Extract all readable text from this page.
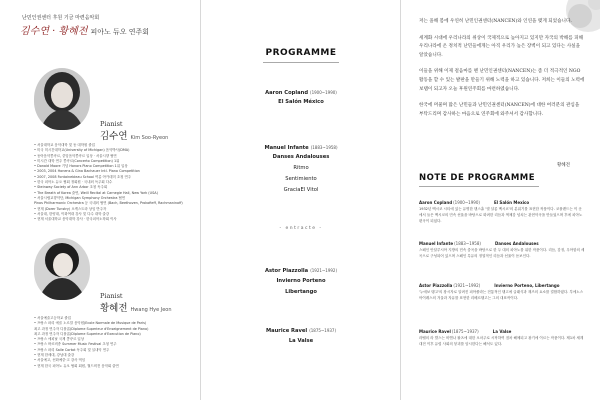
난민인권센터 후원 기금 마련음악회
김수연 · 황혜전 피아노 듀오 연주회
Pianist
김수연 Kim Soo-Ryeon
• 서울대학교 음악대학 및 동 대학원 졸업
• 미국 미시간대학교(University of Michigan) 음악박사(DMA)
• 동아음악콩쿠르, 중앙음악콩쿠르 입상 · 서울시향 협연
• 미시간 대학 연주 콩쿠르(Concerto Competition) 1위
• Donald Moore 기념 Honors Piano Competition 1위 입상
• 2003, 2004 Honens & Gina Bachauer Intl. Piano Competition
• 2007, 2008 Fontainebleau School 여름 아카데미 초청 연주
• 한국 피아노 듀오 협회 정회원 · 국내외 독주회 다수
• Steinway Society of Ann Arbor 초청 독주회
• The Breath of Korea 출연, Weill Recital at Carnegie Hall, New York (USA)
• 서울시립교향악단, Michigan Symphony Orchestra 협연
Pinos Philharmonic Orchestra 등 국내외 협연 (Bach, Beethoven, Prokofieff, Rachmaninoff)
• 현재 (Dorer Tunstry) 오케스트라 상임 반주자
• 서울대, 한양대, 이화여대 강사 및 다수 대학 출강
• 현재 서울대학교 음악대학 강사 · 한국피아노학회 이사
Pianist
황혜전 Hwang Hye Jeon
• 서울예술고등학교 졸업
• 프랑스 파리 에꼴 노르말 음악원(Ecole Normale de Musique de Paris)
최고 과정 연주자 디플롬(Diplome Superieur d'Enseignement de Piano)
최고 과정 연주자 디플롬(Diplome Superieur d'Execution de Piano)
• 프랑스 에피날 국제 콩쿠르 입상
• 프랑스 바르비종 Summer Music Festival 초청 연주
• 프랑스 파리 Salle Cortot 독주회 및 실내악 연주
• 현재 한세대, 강남대 출강
• 서울예고, 선화예중·고 강사 역임
• 현재 한국 피아노 듀오 협회 회원, 월드비전 음악회 출연
PROGRAMME
Aaron Copland (1900~1990)
El Salón México
Manuel Infante (1883~1958)
Danses Andalouses
Ritmo
Sentimiento
GraciaEl Vitol
- entracte -
Astor Piazzolla (1921~1992)
Invierno Porteno
Libertango
Maurice Ravel (1875~1937)
La Valse

저는 올해 봄에 우연히 난민인권센터(NANCEN)와 인연을 맺게 되었습니다.

세계화 시대에 우리나라의 위상이 국제적으로 높아지고 있지만 자국의 박해를 피해 우리나라에 온 정치적 난민들에게는 아직 우리가 높은 장벽이 되고 있다는 사실을 알았습니다.

이들을 위해 이제 걸음마를 뗀 난민인권센터(NANCEN)는 좀 더 적극적인 NGO 활동을 할 수 있는 발판을 만들기 위해 노력을 하고 있습니다. 저희는 이들의 노력에 보탬이 되고자 오늘 후원연주회를 마련하였습니다.

한국에 머물며 많은 난민들과 난민인권센터(NANCEN)에 대한 여러분의 관심을 부탁드리며 감사하는 마음으로 연주회에 와주셔서 감사합니다.

황혜전
NOTE DE PROGRAMME
Aaron Copland(1900~1990)	El Salón Mexico
1932년 멕시코 시티에 있는 유명한 댄스홀 '엘 살롱 멕시코'의 분위기를 표현한 작품이다. 코플랜드는 이 곳에서 들은 멕시코의 민속 선율을 바탕으로 화려한 리듬과 색채감 넘치는 관현악곡을 만들었으며 후에 피아노 편곡이 되었다.
Manuel Infante(1883~1958)	Danses Andalouses
스페인 안달루시아 지방의 민속 춤곡을 바탕으로 한 두 대의 피아노를 위한 작품이다. 리듬, 감정, 우아함의 세 곡으로 구성되어 있으며 스페인 특유의 정열적인 리듬과 선율이 돋보인다.
Astor Piazzolla(1921~1992)	Invierno Porteno, Libertango
'누에보 탱고'의 창시자로 알려진 피아졸라는 전통적인 탱고에 클래식과 재즈의 요소를 결합하였다. 부에노스아이레스의 겨울과 자유를 표현한 리베르탱고는 그의 대표작이다.
Maurice Ravel(1875~1937)	La Valse
라벨의 라 발스는 비엔나 왈츠에 대한 오마주로 시작하여 점차 해체되고 광기에 이르는 작품이다. 제1차 세계대전 이후 유럽 사회의 붕괴를 암시한다는 해석도 있다.
